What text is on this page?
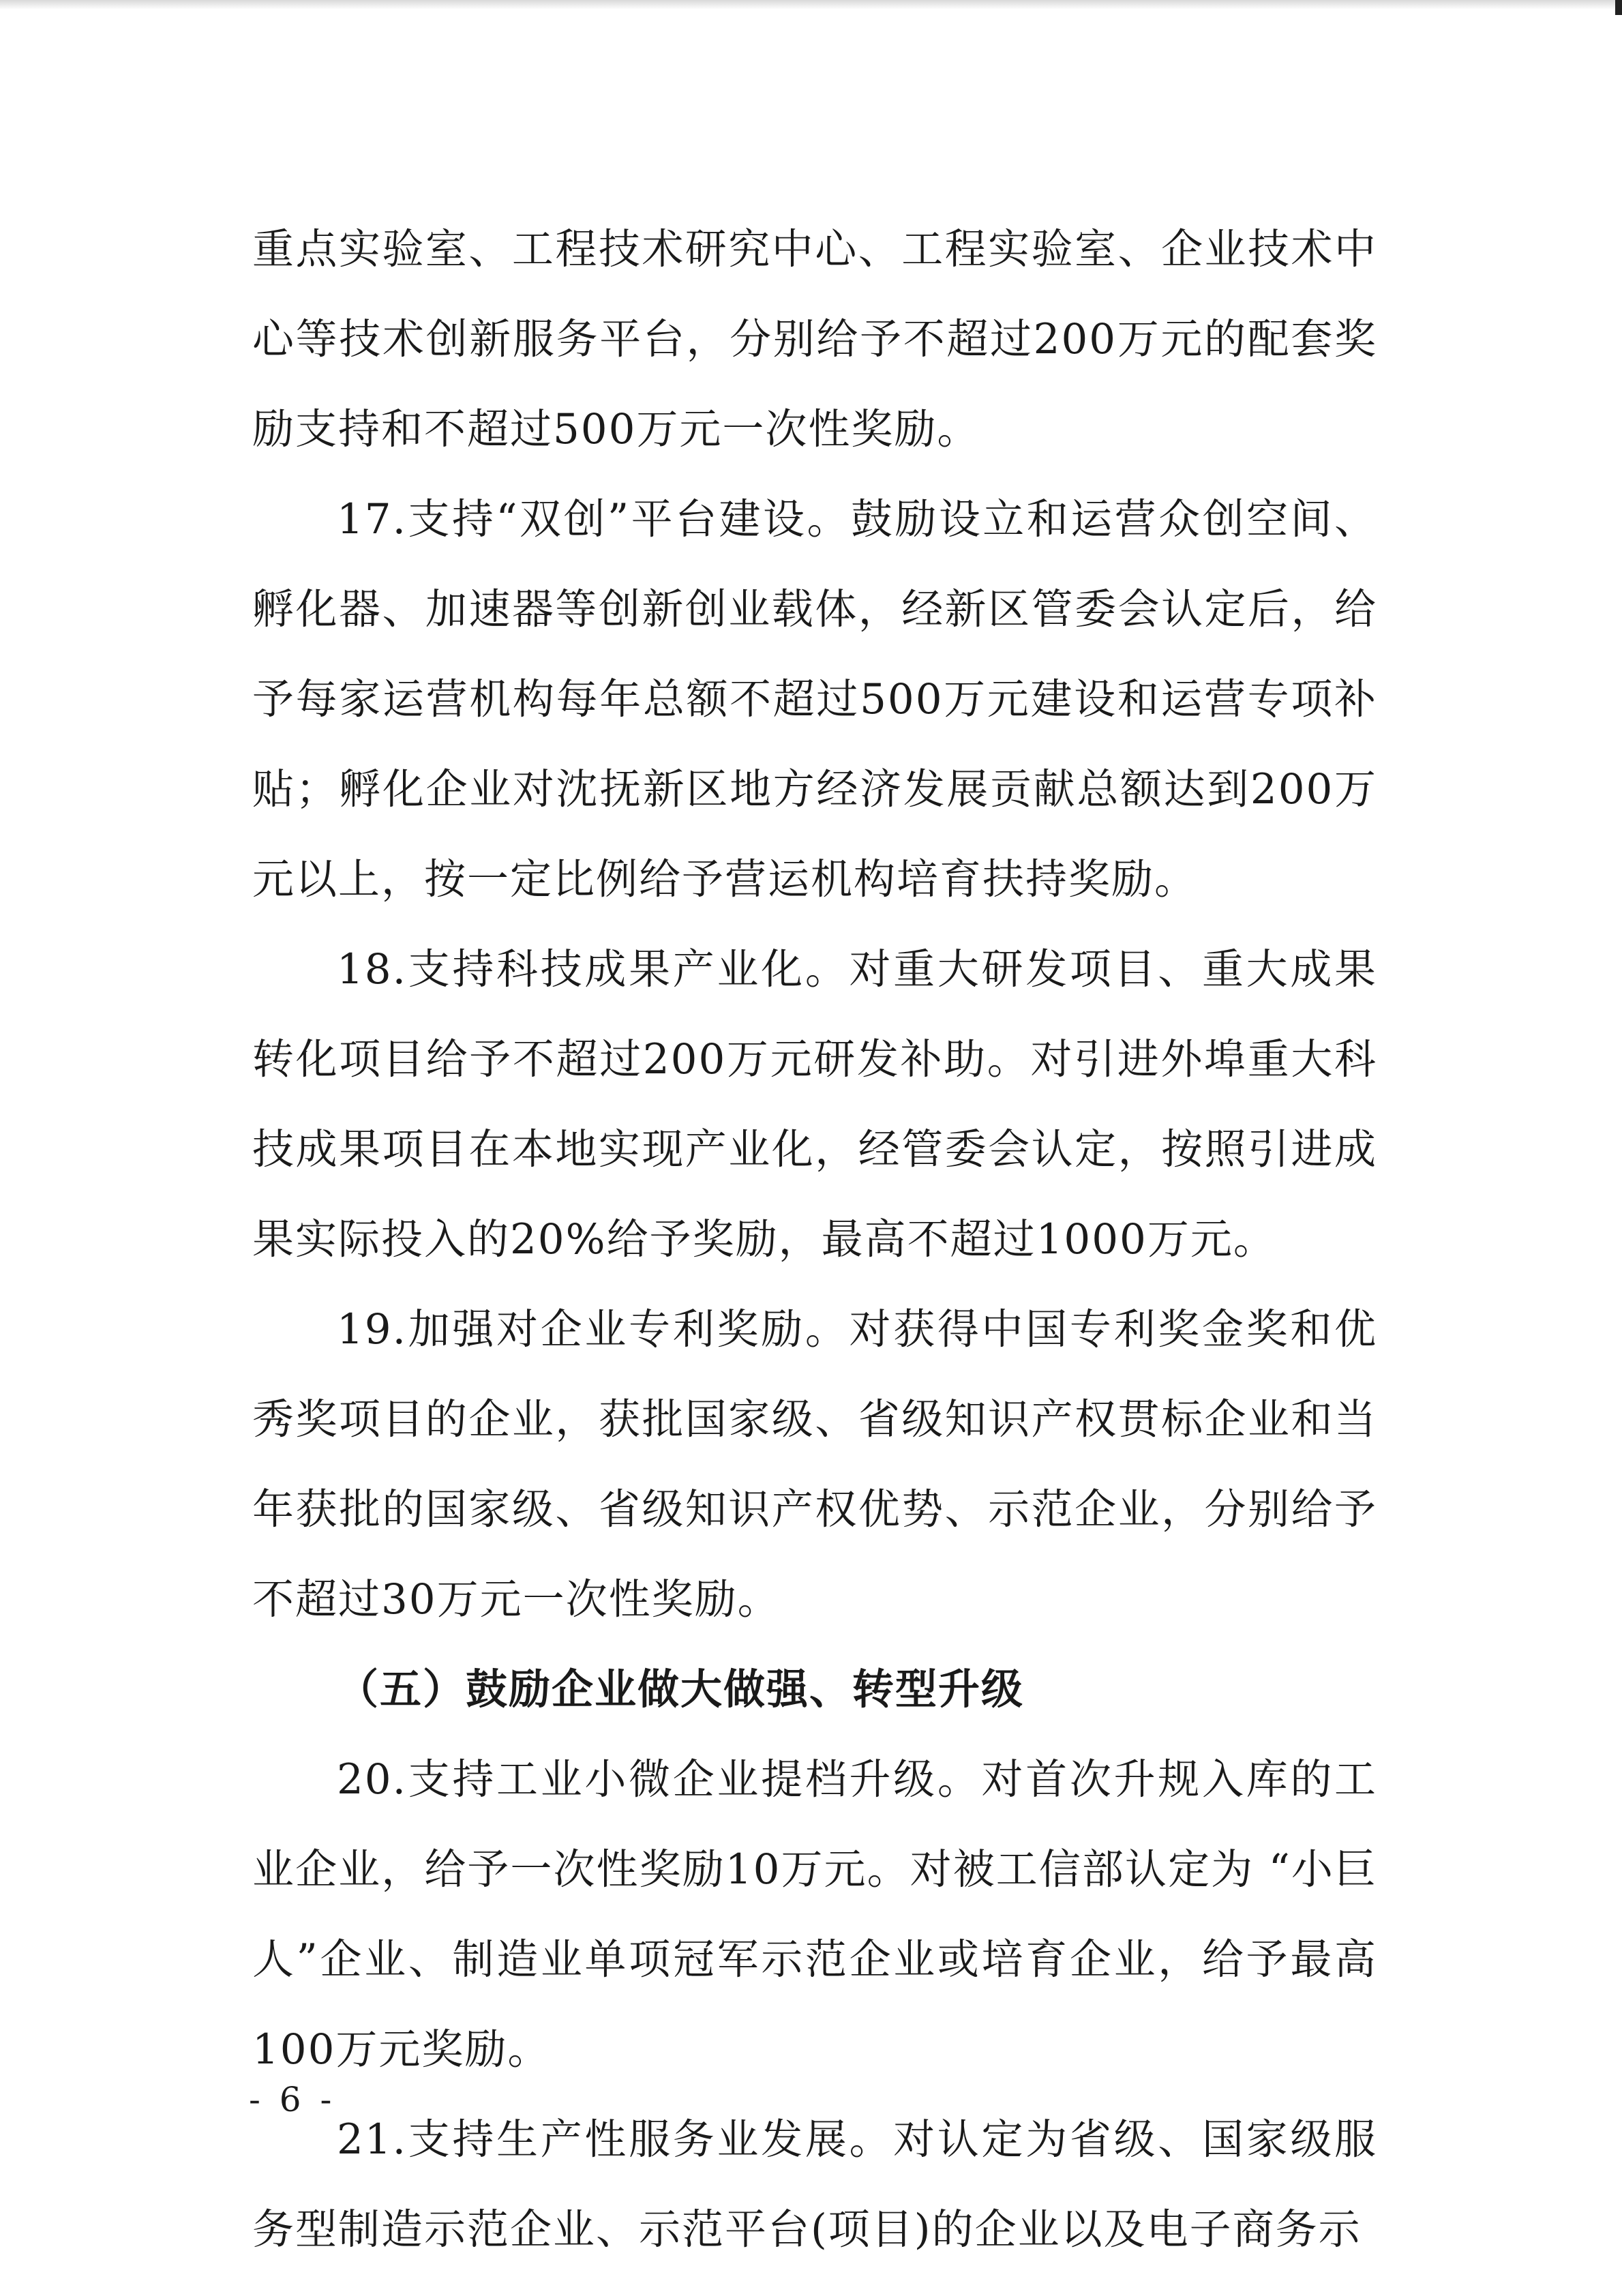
重点实验室、工程技术研究中心、工程实验室、企业技术中心等技术创新服务平台，分别给予不超过200万元的配套奖励支持和不超过500万元一次性奖励。

17.支持“双创”平台建设。鼓励设立和运营众创空间、孵化器、加速器等创新创业载体，经新区管委会认定后，给予每家运营机构每年总额不超过500万元建设和运营专项补贴；孵化企业对沈抚新区地方经济发展贡献总额达到200万元以上，按一定比例给予营运机构培育扶持奖励。

18.支持科技成果产业化。对重大研发项目、重大成果转化项目给予不超过200万元研发补助。对引进外埠重大科技成果项目在本地实现产业化，经管委会认定，按照引进成果实际投入的20%给予奖励，最高不超过1000万元。

19.加强对企业专利奖励。对获得中国专利奖金奖和优秀奖项目的企业，获批国家级、省级知识产权贯标企业和当年获批的国家级、省级知识产权优势、示范企业，分别给予不超过30万元一次性奖励。

（五）鼓励企业做大做强、转型升级

20.支持工业小微企业提档升级。对首次升规入库的工业企业，给予一次性奖励10万元。对被工信部认定为 “小巨人”企业、制造业单项冠军示范企业或培育企业，给予最高100万元奖励。

21.支持生产性服务业发展。对认定为省级、国家级服务型制造示范企业、示范平台(项目)的企业以及电子商务示

- 6 -
